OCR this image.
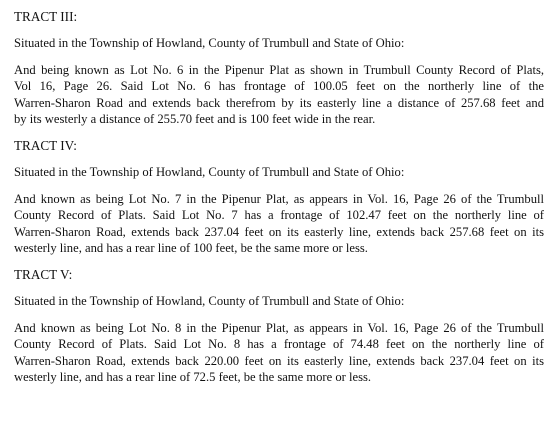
TRACT III:
Situated in the Township of Howland, County of Trumbull and State of Ohio:
And being known as Lot No. 6 in the Pipenur Plat as shown in Trumbull County Record of Plats,
Vol 16, Page 26. Said Lot No. 6 has frontage of 100.05 feet on the northerly line of the
Warren-Sharon Road and extends back therefrom by its easterly line a distance of 257.68 feet and
by its westerly a distance of 255.70 feet and is 100 feet wide in the rear.
TRACT IV:
Situated in the Township of Howland, County of Trumbull and State of Ohio:
And known as being Lot No. 7 in the Pipenur Plat, as appears in Vol. 16, Page 26 of the Trumbull
County Record of Plats. Said Lot No. 7 has a frontage of 102.47 feet on the northerly line of
Warren-Sharon Road, extends back 237.04 feet on its easterly line, extends back 257.68 feet on its
westerly line, and has a rear line of 100 feet, be the same more or less.
TRACT V:
Situated in the Township of Howland, County of Trumbull and State of Ohio:
And known as being Lot No. 8 in the Pipenur Plat, as appears in Vol. 16, Page 26 of the Trumbull
County Record of Plats. Said Lot No. 8 has a frontage of 74.48 feet on the northerly line of
Warren-Sharon Road, extends back 220.00 feet on its easterly line, extends back 237.04 feet on its
westerly line, and has a rear line of 72.5 feet, be the same more or less.
